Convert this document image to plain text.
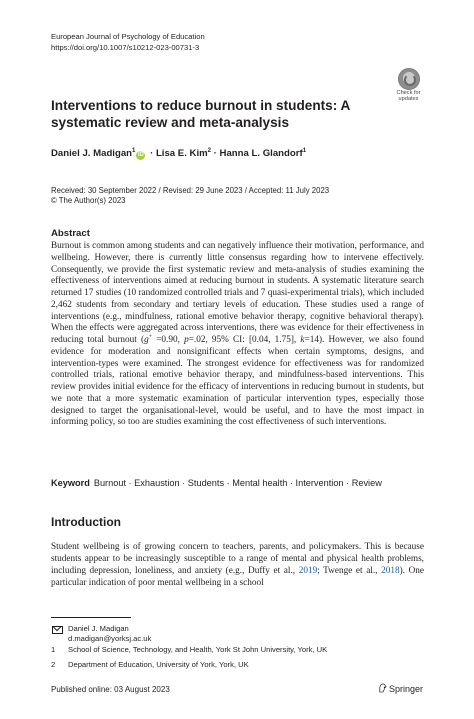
European Journal of Psychology of Education
https://doi.org/10.1007/s10212-023-00731-3
Check for
updates
Interventions to reduce burnout in students: A systematic review and meta-analysis
Daniel J. Madigan$^1$iD · Lisa E. Kim$^2$ · Hanna L. Glandorf$^1$
Received: 30 September 2022 / Revised: 29 June 2023 / Accepted: 11 July 2023
© The Author(s) 2023
Abstract
Burnout is common among students and can negatively influence their motivation, performance, and wellbeing. However, there is currently little consensus regarding how to intervene effectively. Consequently, we provide the first systematic review and meta-analysis of studies examining the effectiveness of interventions aimed at reducing burnout in students. A systematic literature search returned 17 studies (10 randomized controlled trials and 7 quasi-experimental trials), which included 2,462 students from secondary and tertiary levels of education. These studies used a range of interventions (e.g., mindfulness, rational emotive behavior therapy, cognitive behavioral therapy). When the effects were aggregated across interventions, there was evidence for their effectiveness in reducing total burnout (g+ =0.90, p=.02, 95% CI: [0.04, 1.75], k=14). However, we also found evidence for moderation and nonsignificant effects when certain symptoms, designs, and intervention-types were examined. The strongest evidence for effectiveness was for randomized controlled trials, rational emotive behavior therapy, and mindfulness-based interventions. This review provides initial evidence for the efficacy of interventions in reducing burnout in students, but we note that a more systematic examination of particular intervention types, especially those designed to target the organisational-level, would be useful, and to have the most impact in informing policy, so too are studies examining the cost effectiveness of such interventions.
Keyword Burnout · Exhaustion · Students · Mental health · Intervention · Review
Introduction
Student wellbeing is of growing concern to teachers, parents, and policymakers. This is because students appear to be increasingly susceptible to a range of mental and physical health problems, including depression, loneliness, and anxiety (e.g., Duffy et al., 2019; Twenge et al., 2018). One particular indication of poor mental wellbeing in a school
Daniel J. Madigan
d.madigan@yorksj.ac.uk
1 School of Science, Technology, and Health, York St John University, York, UK
2 Department of Education, University of York, York, UK
Published online: 03 August 2023	Springer
